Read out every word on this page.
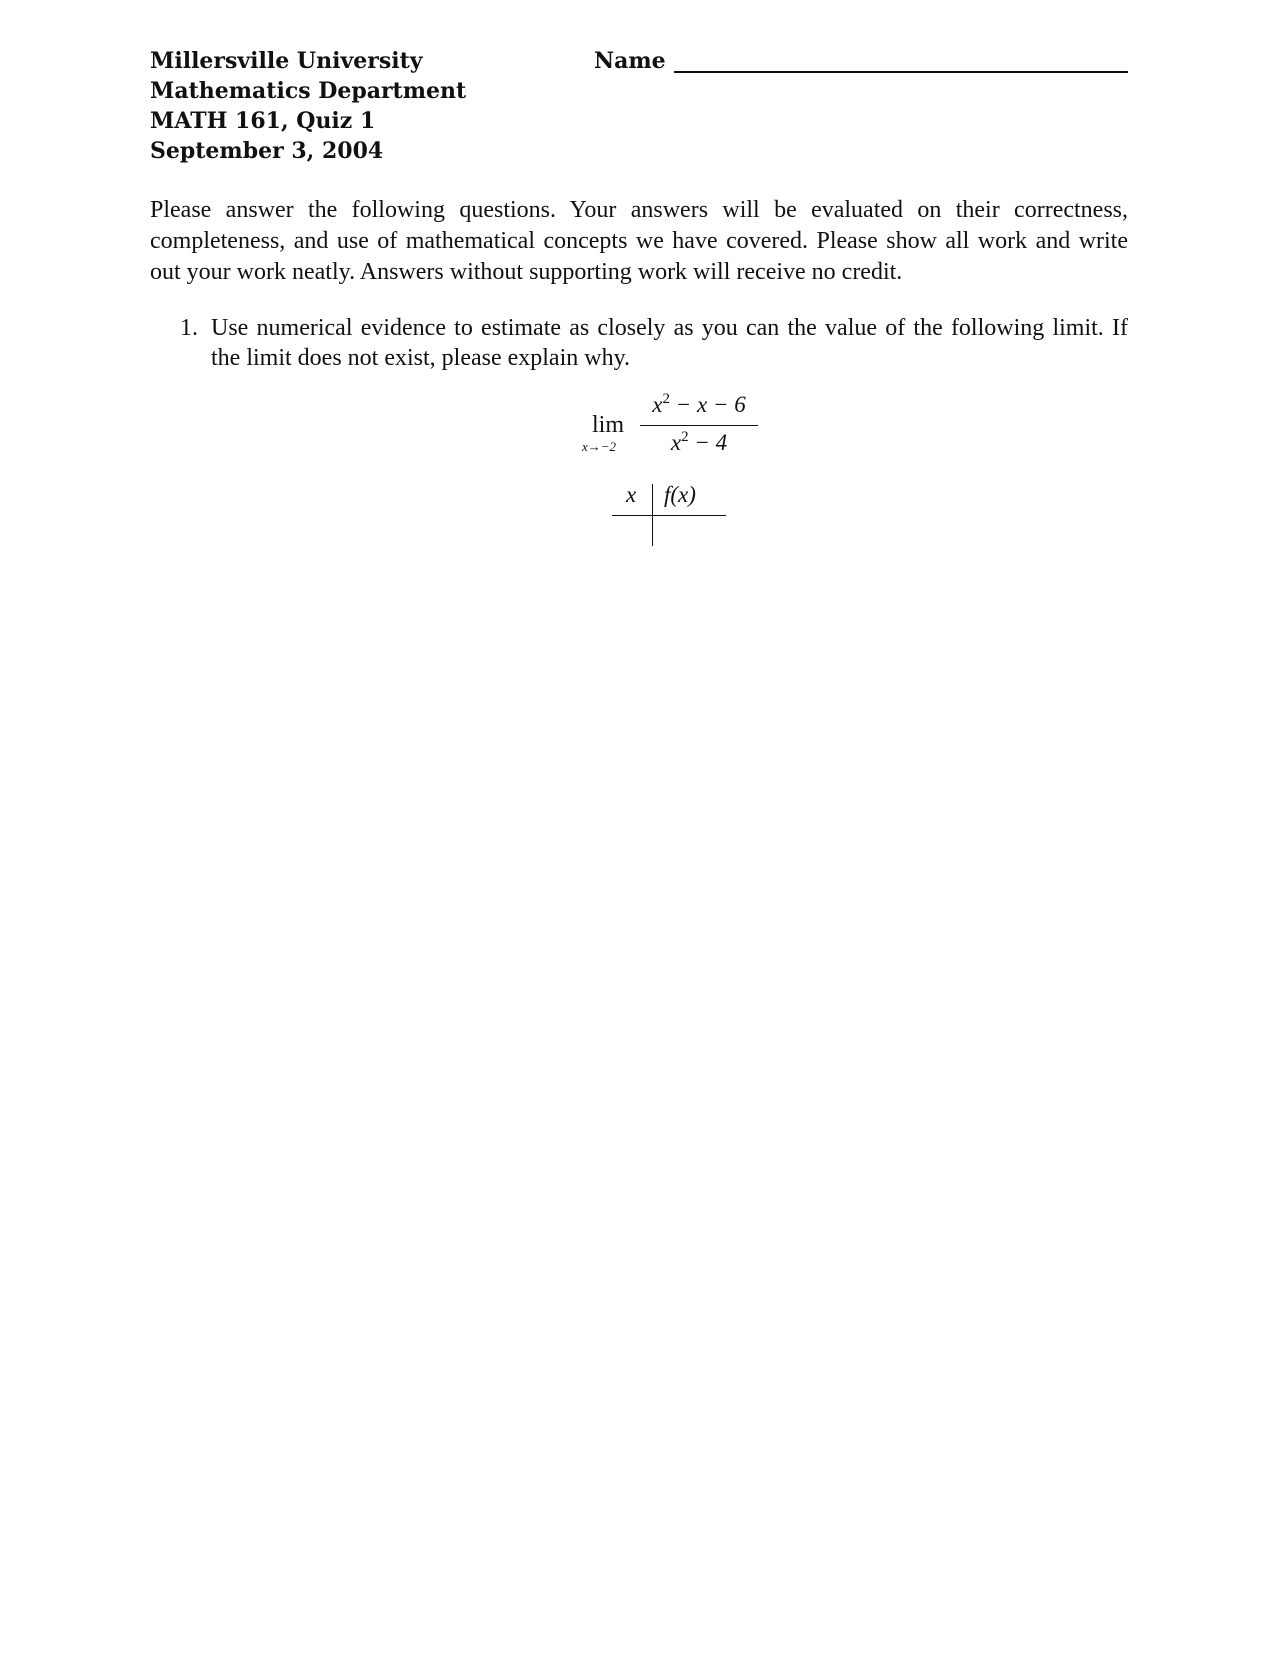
Millersville University
Mathematics Department
MATH 161, Quiz 1
September 3, 2004
Name
Please answer the following questions. Your answers will be evaluated on their correctness, completeness, and use of mathematical concepts we have covered. Please show all work and write out your work neatly. Answers without supporting work will receive no credit.
1. Use numerical evidence to estimate as closely as you can the value of the following limit. If the limit does not exist, please explain why.
lim
x→−2
$x^2 - x - 6$
$x^2 - 4$
x f(x)
